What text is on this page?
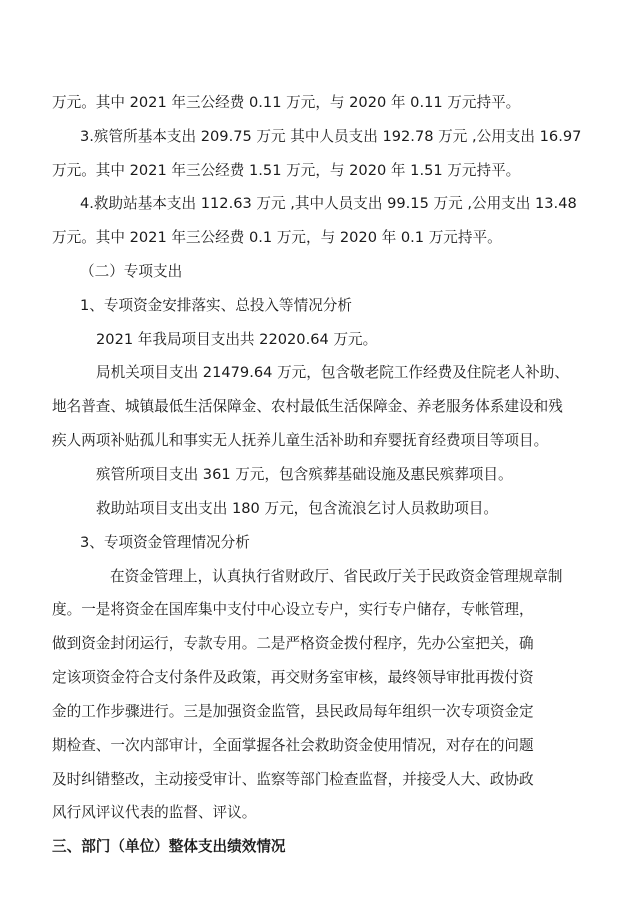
万元。其中 2021 年三公经费 0.11 万元，与 2020 年 0.11 万元持平。
3.殡管所基本支出 209.75 万元 其中人员支出 192.78 万元 ,公用支出 16.97
万元。其中 2021 年三公经费 1.51 万元，与 2020 年 1.51 万元持平。
4.救助站基本支出 112.63 万元 ,其中人员支出 99.15 万元 ,公用支出 13.48
万元。其中 2021 年三公经费 0.1 万元，与 2020 年 0.1 万元持平。
（二）专项支出
1、专项资金安排落实、总投入等情况分析
2021 年我局项目支出共 22020.64 万元。
局机关项目支出 21479.64 万元，包含敬老院工作经费及住院老人补助、
地名普查、城镇最低生活保障金、农村最低生活保障金、养老服务体系建设和残
疾人两项补贴孤儿和事实无人抚养儿童生活补助和弃婴抚育经费项目等项目。
殡管所项目支出 361 万元，包含殡葬基础设施及惠民殡葬项目。
救助站项目支出支出 180 万元，包含流浪乞讨人员救助项目。
3、专项资金管理情况分析
在资金管理上，认真执行省财政厅、省民政厅关于民政资金管理规章制
度。一是将资金在国库集中支付中心设立专户，实行专户储存，专帐管理，
做到资金封闭运行，专款专用。二是严格资金拨付程序，先办公室把关，确
定该项资金符合支付条件及政策，再交财务室审核，最终领导审批再拨付资
金的工作步骤进行。三是加强资金监管，县民政局每年组织一次专项资金定
期检查、一次内部审计，全面掌握各社会救助资金使用情况，对存在的问题
及时纠错整改，主动接受审计、监察等部门检查监督，并接受人大、政协政
风行风评议代表的监督、评议。
三、部门（单位）整体支出绩效情况
